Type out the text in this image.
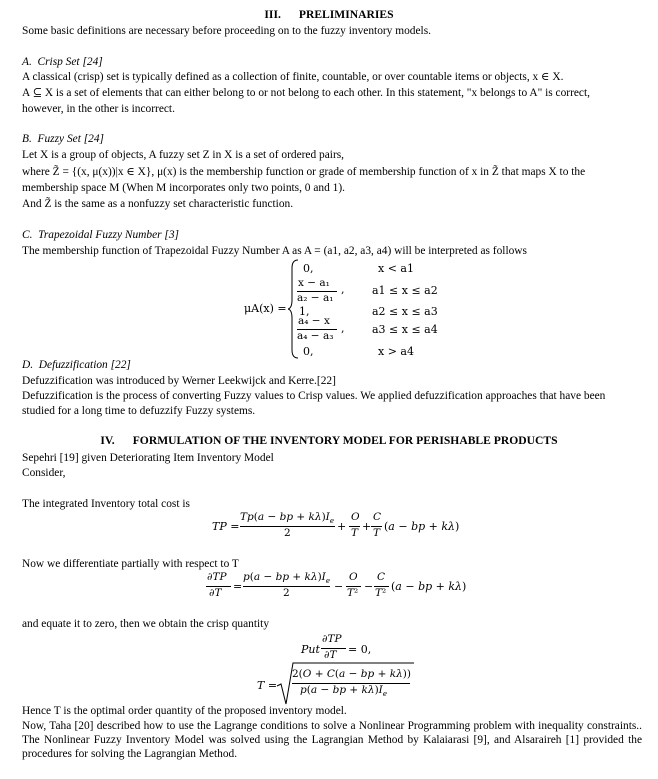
III. PRELIMINARIES
Some basic definitions are necessary before proceeding on to the fuzzy inventory models.
A. Crisp Set [24]
A classical (crisp) set is typically defined as a collection of finite, countable, or over countable items or objects, x ∈ X.
A ⊆ X is a set of elements that can either belong to or not belong to each other. In this statement, "x belongs to A" is correct,
however, in the other is incorrect.
B. Fuzzy Set [24]
Let X is a group of objects, A fuzzy set Z in X is a set of ordered pairs,
where Z̃ = {(x, μ(x))|x ∈ X}, μ(x) is the membership function or grade of membership function of x in Z̃ that maps X to the
membership space M (When M incorporates only two points, 0 and 1).
And Z̃ is the same as a nonfuzzy set characteristic function.
C. Trapezoidal Fuzzy Number [3]
The membership function of Trapezoidal Fuzzy Number A as A = (a1, a2, a3, a4) will be interpreted as follows
μA(x) =
0,	x < a1
x − a₁
a₂ − a₁
,	a1 ≤ x ≤ a2
1,	a2 ≤ x ≤ a3
a₄ − x
a₄ − a₃
,	a3 ≤ x ≤ a4
0,	x > a4
D. Defuzzification [22]
Defuzzification was introduced by Werner Leekwijck and Kerre.[22]
Defuzzification is the process of converting Fuzzy values to Crisp values. We applied defuzzification approaches that have been
studied for a long time to defuzzify Fuzzy systems.
IV. FORMULATION OF THE INVENTORY MODEL FOR PERISHABLE PRODUCTS
Sepehri [19] given Deteriorating Item Inventory Model
Consider,
The integrated Inventory total cost is
TP =
Tp(a − bp + $k\lambda)I_e$
2	+
O
T +
C
T (a − bp + kλ)
Now we differentiate partially with respect to T
∂TP
∂T =
p(a − bp + $k\lambda)I_e$
2	−
O
T² −
C
T² (a − bp + kλ)
and equate it to zero, then we obtain the crisp quantity
Put
∂TP
∂T = 0,
T =
2(O + C(a − bp + kλ))
p(a − bp + $k\lambda)I_e$
Hence T is the optimal order quantity of the proposed inventory model.
Now, Taha [20] described how to use the Lagrange conditions to solve a Nonlinear Programming problem with inequality constraints.. The Nonlinear Fuzzy Inventory Model was solved using the Lagrangian Method by Kalaiarasi [9], and Alsaraireh [1] provided the procedures for solving the Lagrangian Method.
